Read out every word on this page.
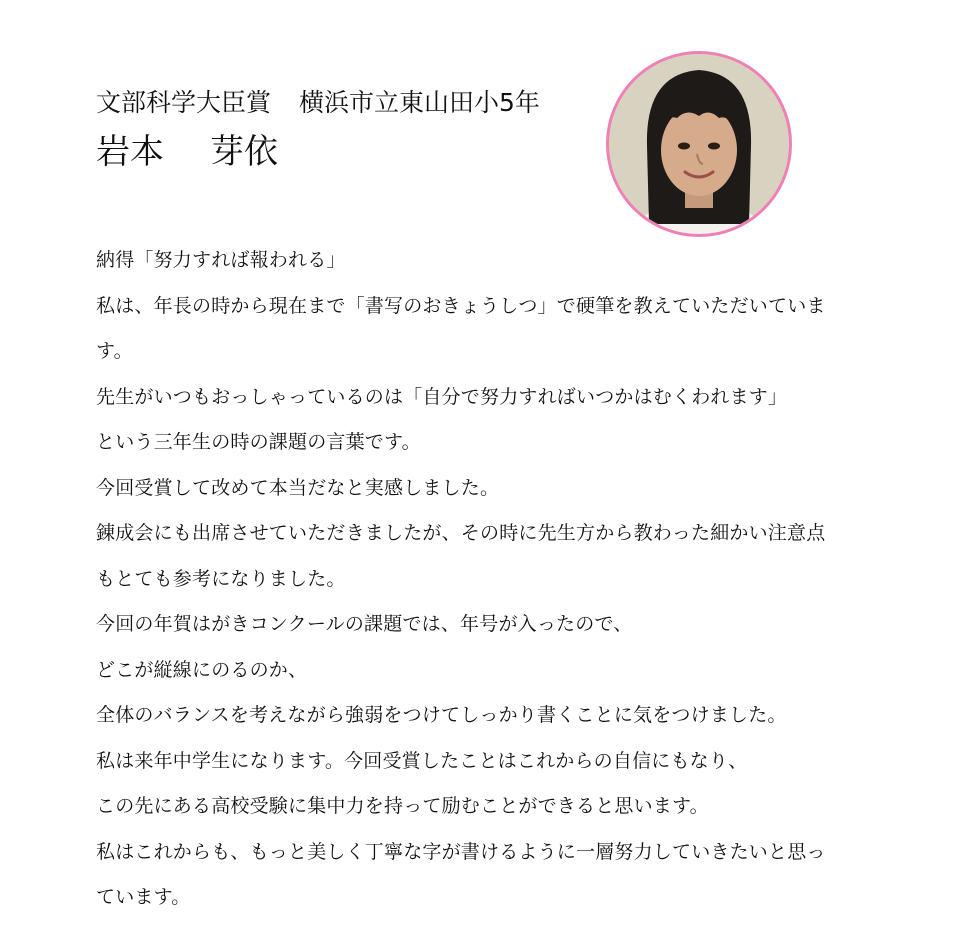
文部科学大臣賞 横浜市立東山田小5年
岩本 芽依
納得「努力すれば報われる」
私は、年長の時から現在まで「書写のおきょうしつ」で硬筆を教えていただいていま
す。
先生がいつもおっしゃっているのは「自分で努力すればいつかはむくわれます」
という三年生の時の課題の言葉です。
今回受賞して改めて本当だなと実感しました。
錬成会にも出席させていただきましたが、その時に先生方から教わった細かい注意点
もとても参考になりました。
今回の年賀はがきコンクールの課題では、年号が入ったので、
どこが縦線にのるのか、
全体のバランスを考えながら強弱をつけてしっかり書くことに気をつけました。
私は来年中学生になります。今回受賞したことはこれからの自信にもなり、
この先にある高校受験に集中力を持って励むことができると思います。
私はこれからも、もっと美しく丁寧な字が書けるように一層努力していきたいと思っ
ています。
